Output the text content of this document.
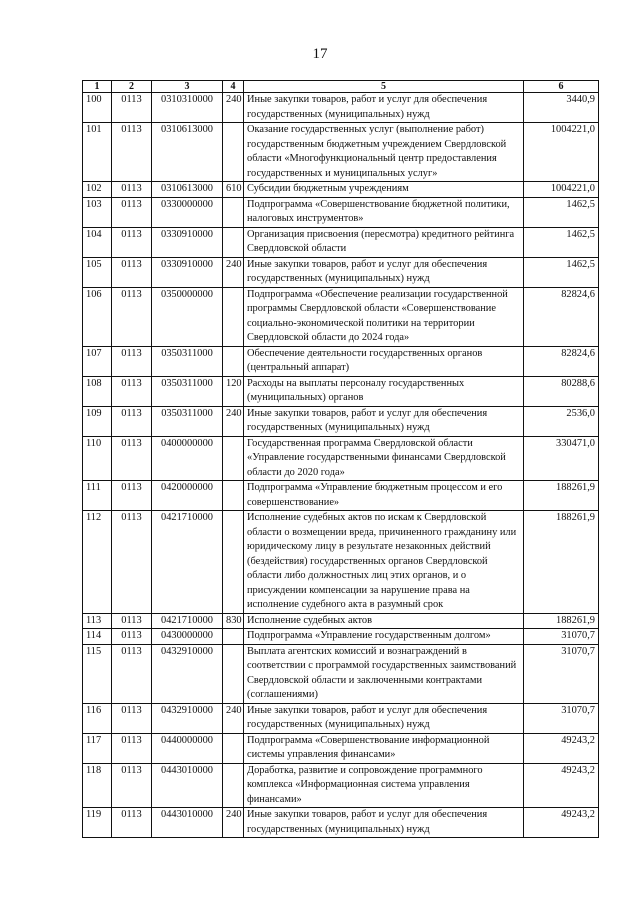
17
1	2	3	4	5	6
100	0113	0310310000	240	Иные закупки товаров, работ и услуг для обеспечения государственных (муниципальных) нужд	3440,9
101	0113	0310613000		Оказание государственных услуг (выполнение работ) государственным бюджетным учреждением Свердловской области «Многофункциональный центр предоставления государственных и муниципальных услуг»	1004221,0
102	0113	0310613000	610	Субсидии бюджетным учреждениям	1004221,0
103	0113	0330000000		Подпрограмма «Совершенствование бюджетной политики, налоговых инструментов»	1462,5
104	0113	0330910000		Организация присвоения (пересмотра) кредитного рейтинга Свердловской области	1462,5
105	0113	0330910000	240	Иные закупки товаров, работ и услуг для обеспечения государственных (муниципальных) нужд	1462,5
106	0113	0350000000		Подпрограмма «Обеспечение реализации государственной программы Свердловской области «Совершенствование социально-экономической политики на территории Свердловской области до 2024 года»	82824,6
107	0113	0350311000		Обеспечение деятельности государственных органов (центральный аппарат)	82824,6
108	0113	0350311000	120	Расходы на выплаты персоналу государственных (муниципальных) органов	80288,6
109	0113	0350311000	240	Иные закупки товаров, работ и услуг для обеспечения государственных (муниципальных) нужд	2536,0
110	0113	0400000000		Государственная программа Свердловской области «Управление государственными финансами Свердловской области до 2020 года»	330471,0
111	0113	0420000000		Подпрограмма «Управление бюджетным процессом и его совершенствование»	188261,9
112	0113	0421710000		Исполнение судебных актов по искам к Свердловской области о возмещении вреда, причиненного гражданину или юридическому лицу в результате незаконных действий (бездействия) государственных органов Свердловской области либо должностных лиц этих органов, и о присуждении компенсации за нарушение права на исполнение судебного акта в разумный срок	188261,9
113	0113	0421710000	830	Исполнение судебных актов	188261,9
114	0113	0430000000		Подпрограмма «Управление государственным долгом»	31070,7
115	0113	0432910000		Выплата агентских комиссий и вознаграждений в соответствии с программой государственных заимствований Свердловской области и заключенными контрактами (соглашениями)	31070,7
116	0113	0432910000	240	Иные закупки товаров, работ и услуг для обеспечения государственных (муниципальных) нужд	31070,7
117	0113	0440000000		Подпрограмма «Совершенствование информационной системы управления финансами»	49243,2
118	0113	0443010000		Доработка, развитие и сопровождение программного комплекса «Информационная система управления финансами»	49243,2
119	0113	0443010000	240	Иные закупки товаров, работ и услуг для обеспечения государственных (муниципальных) нужд	49243,2
